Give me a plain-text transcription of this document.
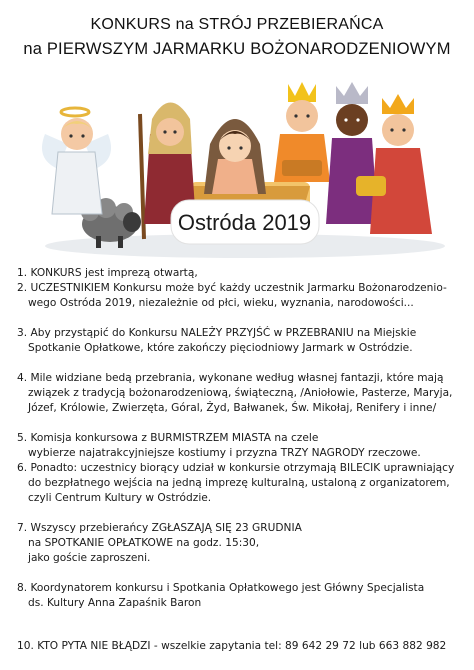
KONKURS na STRÓJ PRZEBIERAŃCA
na PIERWSZYM JARMARKU BOŻONARODZENIOWYM
Ostróda 2019
1. KONKURS jest imprezą otwartą,
2. UCZESTNIKIEM Konkursu może być każdy uczestnik Jarmarku Bożonarodzenio-
wego Ostróda 2019, niezależnie od płci, wieku, wyznania, narodowości...
3. Aby przystąpić do Konkursu NALEŻY PRZYJŚĆ w PRZEBRANIU na Miejskie
Spotkanie Opłatkowe, które zakończy pięciodniowy Jarmark w Ostródzie.
4. Mile widziane bedą przebrania, wykonane według własnej fantazji, które mają
związek z tradycją bożonarodzeniową, świąteczną, /Aniołowie, Pasterze, Maryja,
Józef, Królowie, Zwierzęta, Góral, Żyd, Bałwanek, Św. Mikołaj, Renifery i inne/
5. Komisja konkursowa z BURMISTRZEM MIASTA na czele
wybierze najatrakcyjniejsze kostiumy i przyzna TRZY NAGRODY rzeczowe.
6. Ponadto: uczestnicy biorący udział w konkursie otrzymają BILECIK uprawniający
do bezpłatnego wejścia na jedną imprezę kulturalną, ustaloną z organizatorem,
czyli Centrum Kultury w Ostródzie.
7. Wszyscy przebierańcy ZGŁASZAJĄ SIĘ 23 GRUDNIA
na SPOTKANIE OPŁATKOWE na godz. 15:30,
jako goście zaproszeni.
8. Koordynatorem konkursu i Spotkania Opłatkowego jest Główny Specjalista
ds. Kultury Anna Zapaśnik Baron
10. KTO PYTA NIE BŁĄDZI - wszelkie zapytania tel: 89 642 29 72 lub 663 882 982
